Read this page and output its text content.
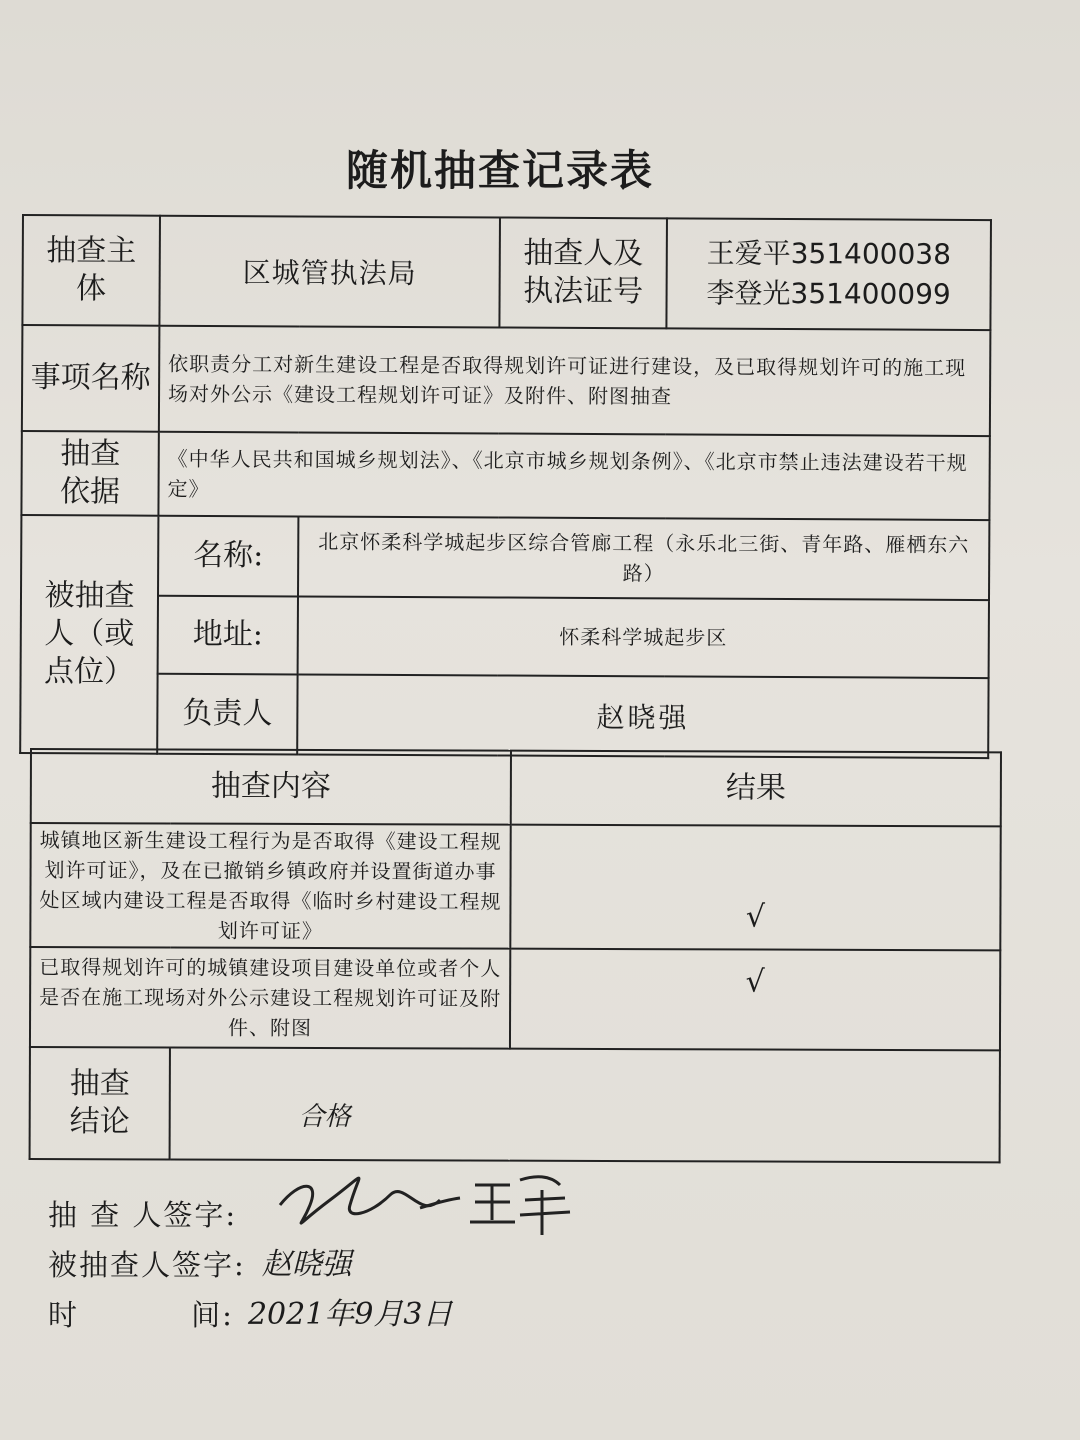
随机抽查记录表
抽查主体	区城管执法局		抽查人及执法证号	王爱平351400038
李登光351400099

事项名称	依职责分工对新生建设工程是否取得规划许可证进行建设，及已取得规划许可的施工现场对外公示《建设工程规划许可证》及附件、附图抽查			
抽查依据	《中华人民共和国城乡规划法》、《北京市城乡规划条例》、《北京市禁止违法建设若干规定》			
被抽查人（或点位）	名称:	北京怀柔科学城起步区综合管廊工程（永乐北三街、青年路、雁栖东六路）		
	地址:	怀柔科学城起步区		
	负责人	赵晓强		
抽查内容		结果
城镇地区新生建设工程行为是否取得《建设工程规划许可证》，及在已撤销乡镇政府并设置街道办事处区域内建设工程是否取得《临时乡村建设工程规划许可证》		√
已取得规划许可的城镇建设项目建设单位或者个人是否在施工现场对外公示建设工程规划许可证及附件、附图		√
抽查结论	合格	
抽 查 人签字:
被抽查人签字: 赵晓强
时          间: 2021年9月3日
